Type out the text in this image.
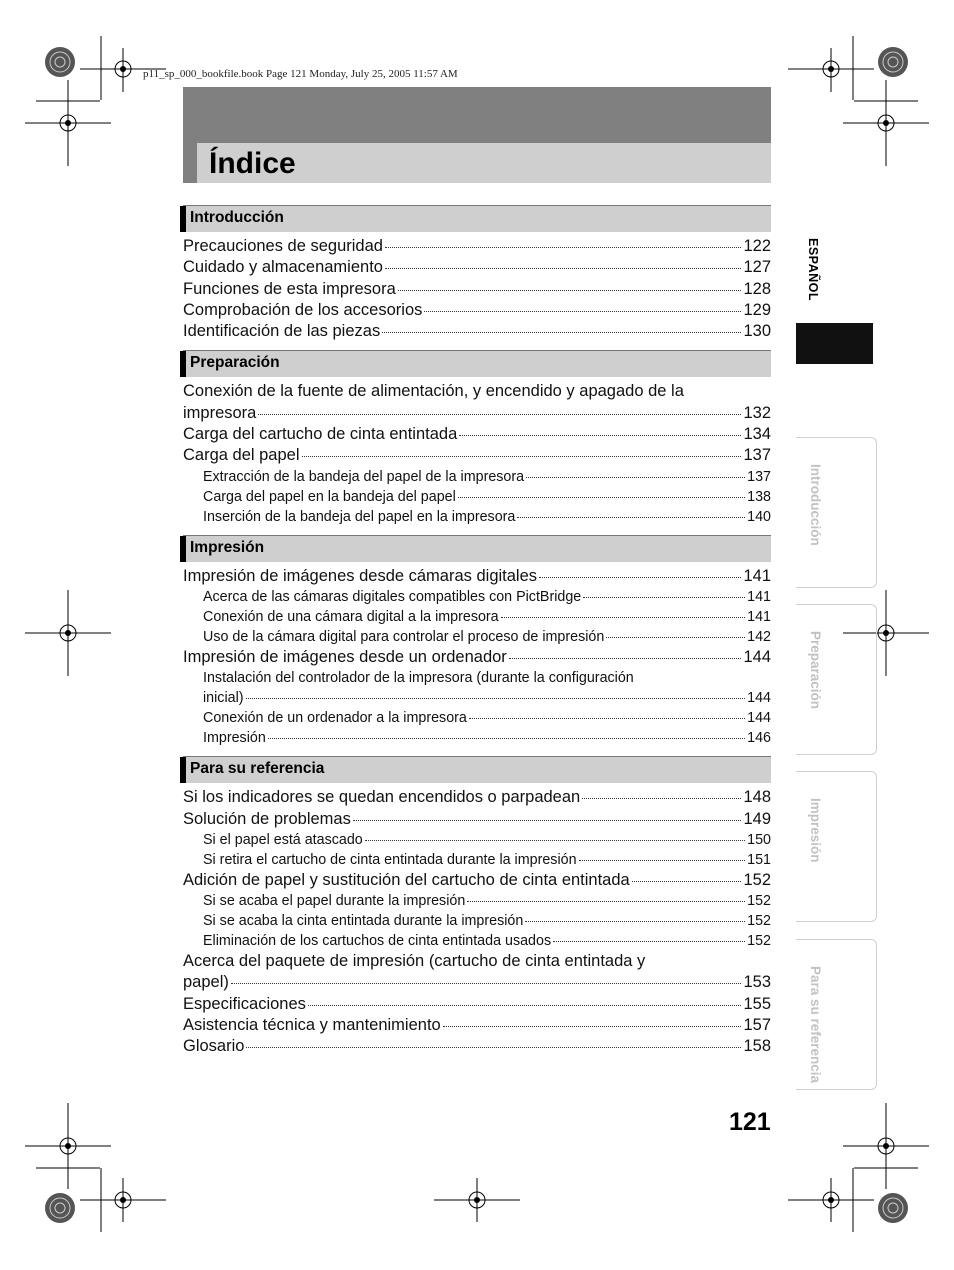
p11_sp_000_bookfile.book Page 121 Monday, July 25, 2005 11:57 AM
Índice
Introducción
Precauciones de seguridad	122
Cuidado y almacenamiento	127
Funciones de esta impresora	128
Comprobación de los accesorios	129
Identificación de las piezas	130
Preparación
Conexión de la fuente de alimentación, y encendido y apagado de la
impresora	132
Carga del cartucho de cinta entintada	134
Carga del papel	137
Extracción de la bandeja del papel de la impresora	137
Carga del papel en la bandeja del papel	138
Inserción de la bandeja del papel en la impresora	140
Impresión
Impresión de imágenes desde cámaras digitales	141
Acerca de las cámaras digitales compatibles con PictBridge	141
Conexión de una cámara digital a la impresora	141
Uso de la cámara digital para controlar el proceso de impresión	142
Impresión de imágenes desde un ordenador	144
Instalación del controlador de la impresora (durante la configuración
inicial)	144
Conexión de un ordenador a la impresora	144
Impresión	146
Para su referencia
Si los indicadores se quedan encendidos o parpadean	148
Solución de problemas	149
Si el papel está atascado	150
Si retira el cartucho de cinta entintada durante la impresión	151
Adición de papel y sustitución del cartucho de cinta entintada	152
Si se acaba el papel durante la impresión	152
Si se acaba la cinta entintada durante la impresión	152
Eliminación de los cartuchos de cinta entintada usados	152
Acerca del paquete de impresión (cartucho de cinta entintada y
papel)	153
Especificaciones	155
Asistencia técnica y mantenimiento	157
Glosario	158
121
ESPAÑOL
Introducción
Preparación
Impresión
Para su referencia
